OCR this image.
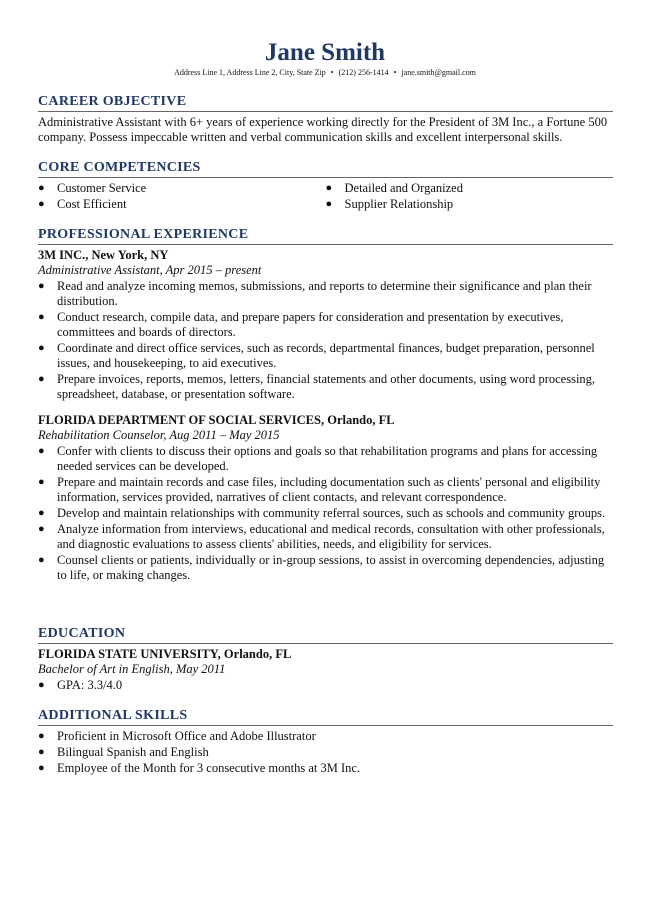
Jane Smith
Address Line 1, Address Line 2, City, State Zip • (212) 256-1414 • jane.smith@gmail.com
CAREER OBJECTIVE

Administrative Assistant with 6+ years of experience working directly for the President of 3M Inc., a Fortune 500 company. Possess impeccable written and verbal communication skills and excellent interpersonal skills.

CORE COMPETENCIES
● Customer Service
● Cost Efficient
● Detailed and Organized
● Supplier Relationship
PROFESSIONAL EXPERIENCE

3M INC., New York, NY

Administrative Assistant, Apr 2015 – present

● Read and analyze incoming memos, submissions, and reports to determine their significance and plan their distribution.
● Conduct research, compile data, and prepare papers for consideration and presentation by executives, committees and boards of directors.
● Coordinate and direct office services, such as records, departmental finances, budget preparation, personnel issues, and housekeeping, to aid executives.
● Prepare invoices, reports, memos, letters, financial statements and other documents, using word processing, spreadsheet, database, or presentation software.

FLORIDA DEPARTMENT OF SOCIAL SERVICES, Orlando, FL

Rehabilitation Counselor, Aug 2011 – May 2015

● Confer with clients to discuss their options and goals so that rehabilitation programs and plans for accessing needed services can be developed.
● Prepare and maintain records and case files, including documentation such as clients' personal and eligibility information, services provided, narratives of client contacts, and relevant correspondence.
● Develop and maintain relationships with community referral sources, such as schools and community groups.
● Analyze information from interviews, educational and medical records, consultation with other professionals, and diagnostic evaluations to assess clients' abilities, needs, and eligibility for services.
● Counsel clients or patients, individually or in-group sessions, to assist in overcoming dependencies, adjusting to life, or making changes.
EDUCATION

FLORIDA STATE UNIVERSITY, Orlando, FL

Bachelor of Art in English, May 2011

● GPA: 3.3/4.0
ADDITIONAL SKILLS
● Proficient in Microsoft Office and Adobe Illustrator
● Bilingual Spanish and English
● Employee of the Month for 3 consecutive months at 3M Inc.
